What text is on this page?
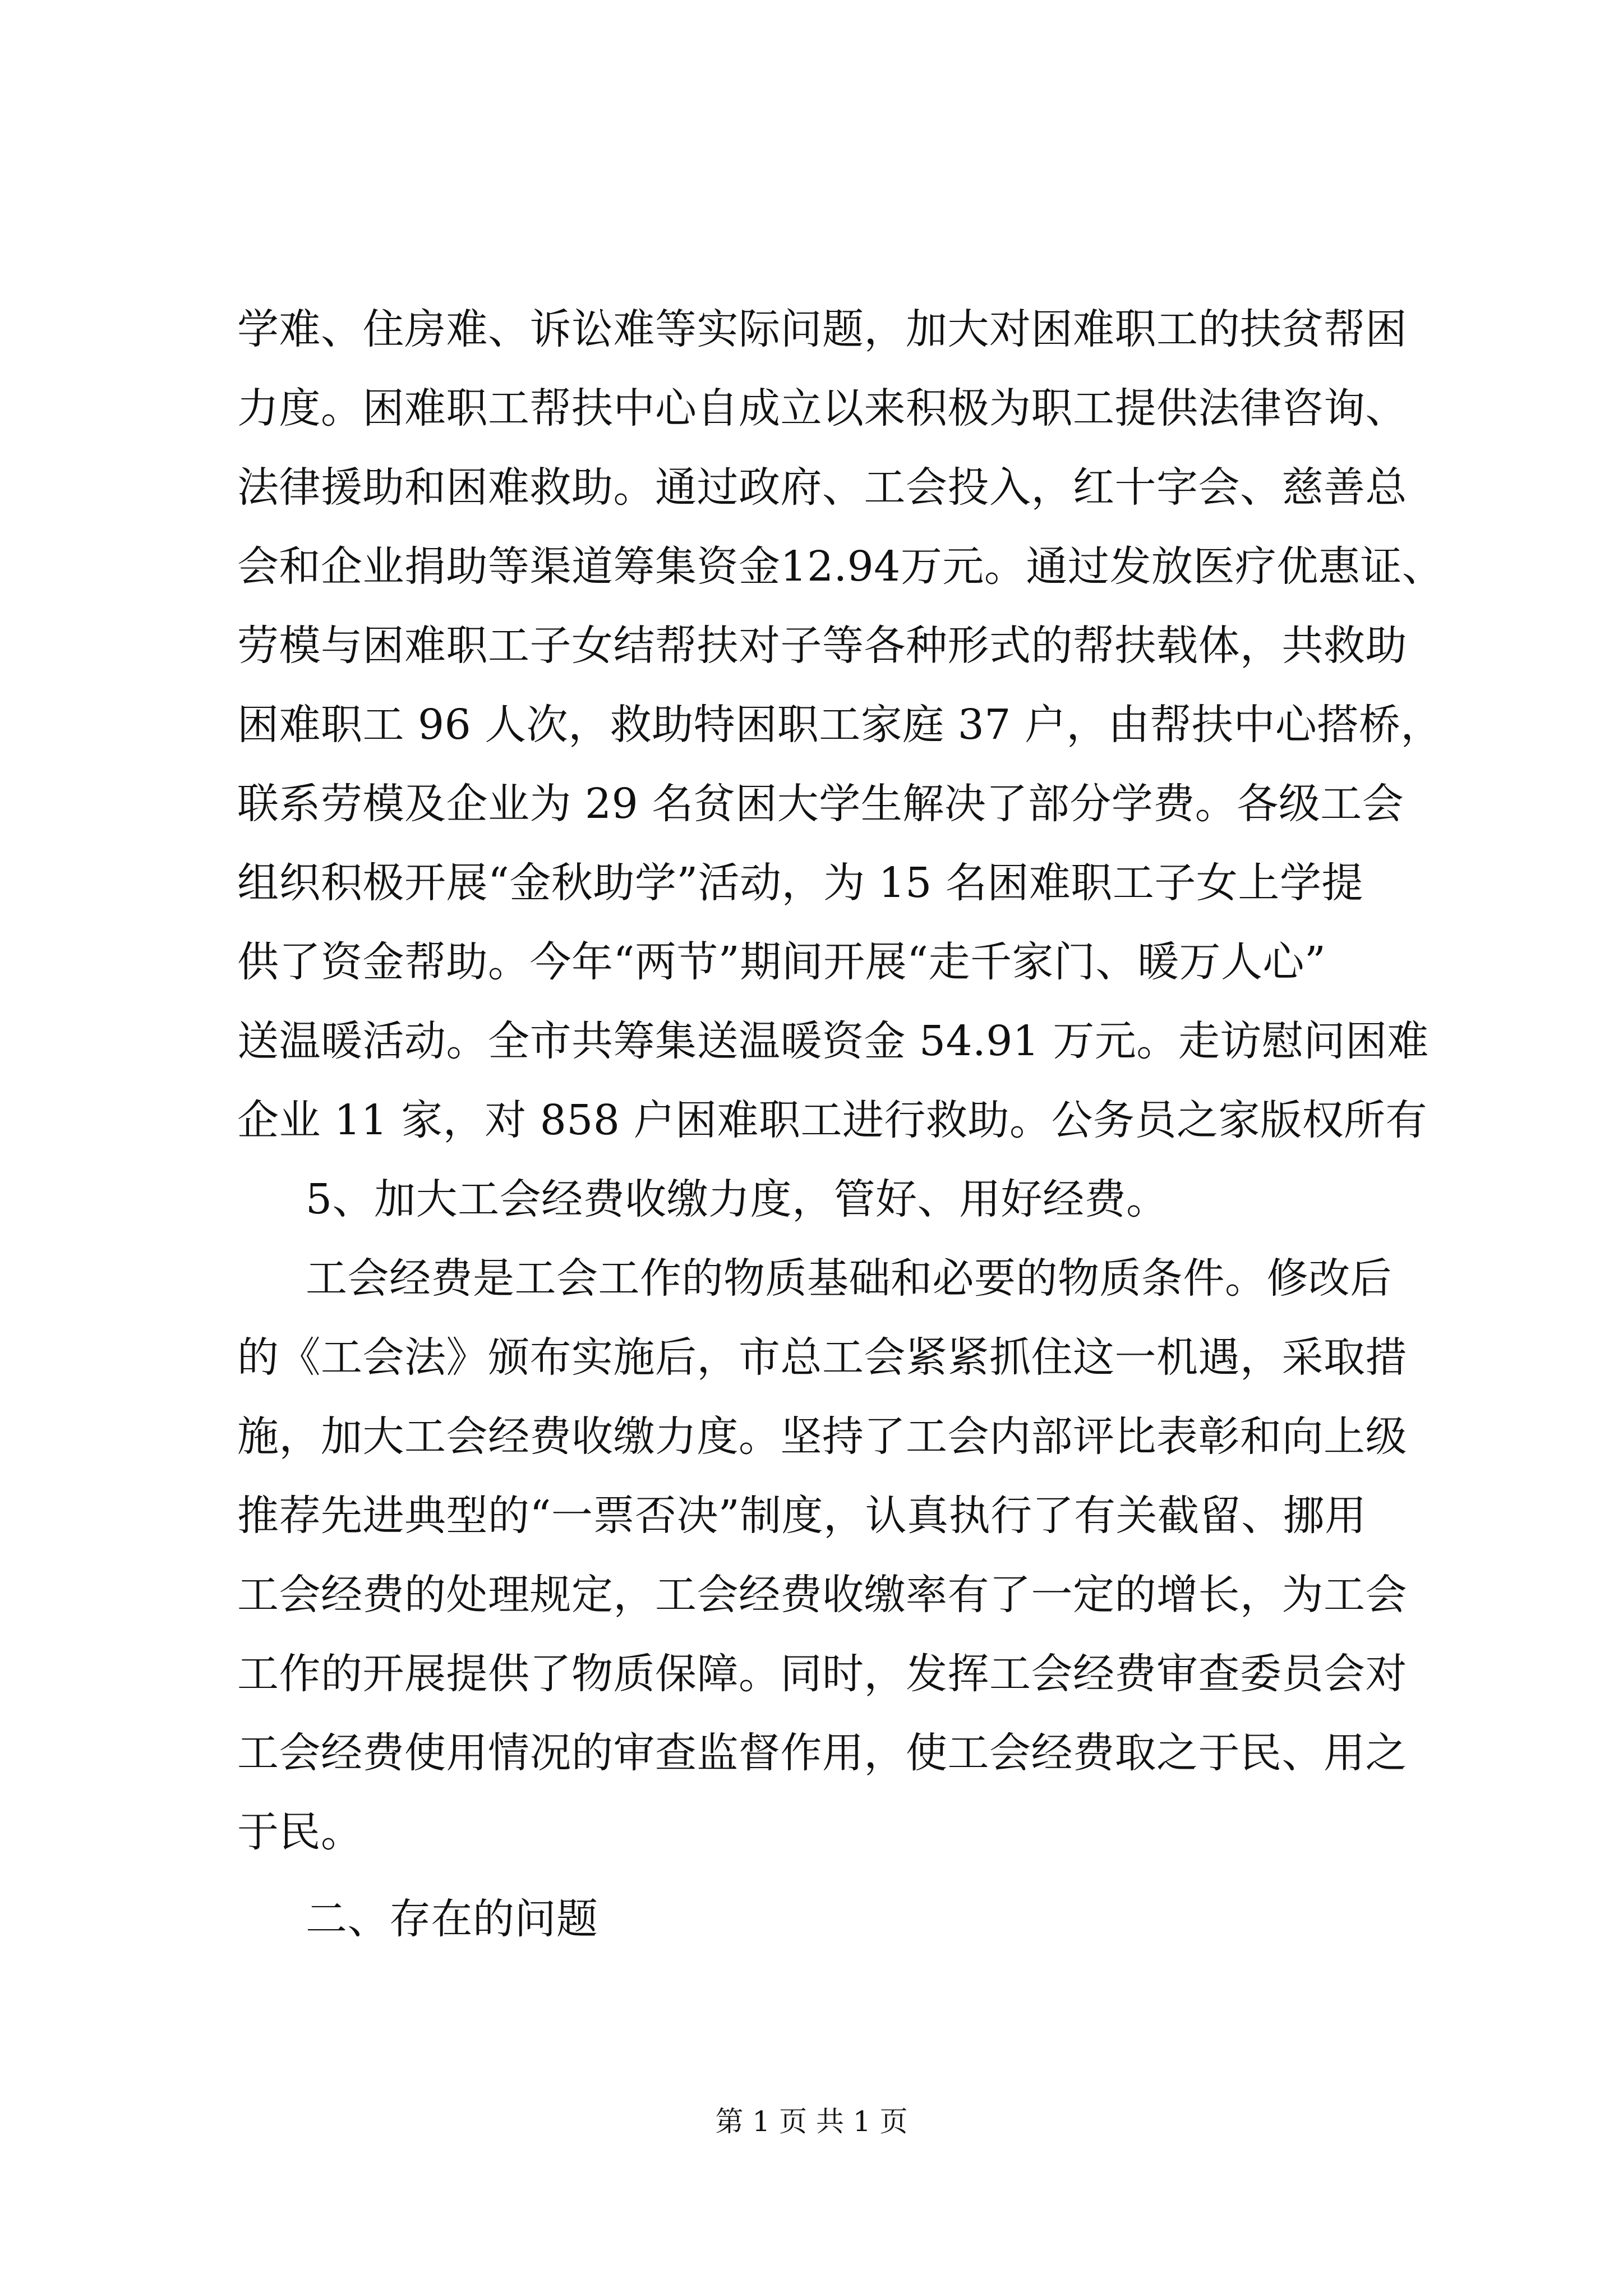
学难、住房难、诉讼难等实际问题，加大对困难职工的扶贫帮困
力度。困难职工帮扶中心自成立以来积极为职工提供法律咨询、
法律援助和困难救助。通过政府、工会投入，红十字会、慈善总
会和企业捐助等渠道筹集资金12.94万元。通过发放医疗优惠证、
劳模与困难职工子女结帮扶对子等各种形式的帮扶载体，共救助
困难职工 96 人次，救助特困职工家庭 37 户，由帮扶中心搭桥，
联系劳模及企业为 29 名贫困大学生解决了部分学费。各级工会
组织积极开展“金秋助学”活动，为 15 名困难职工子女上学提
供了资金帮助。今年“两节”期间开展“走千家门、暖万人心”
送温暖活动。全市共筹集送温暖资金 54.91 万元。走访慰问困难
企业 11 家，对 858 户困难职工进行救助。公务员之家版权所有
5、加大工会经费收缴力度，管好、用好经费。
工会经费是工会工作的物质基础和必要的物质条件。修改后
的《工会法》颁布实施后，市总工会紧紧抓住这一机遇，采取措
施，加大工会经费收缴力度。坚持了工会内部评比表彰和向上级
推荐先进典型的“一票否决”制度，认真执行了有关截留、挪用
工会经费的处理规定，工会经费收缴率有了一定的增长，为工会
工作的开展提供了物质保障。同时，发挥工会经费审查委员会对
工会经费使用情况的审查监督作用，使工会经费取之于民、用之
于民。
二、存在的问题
第 1 页 共 1 页
